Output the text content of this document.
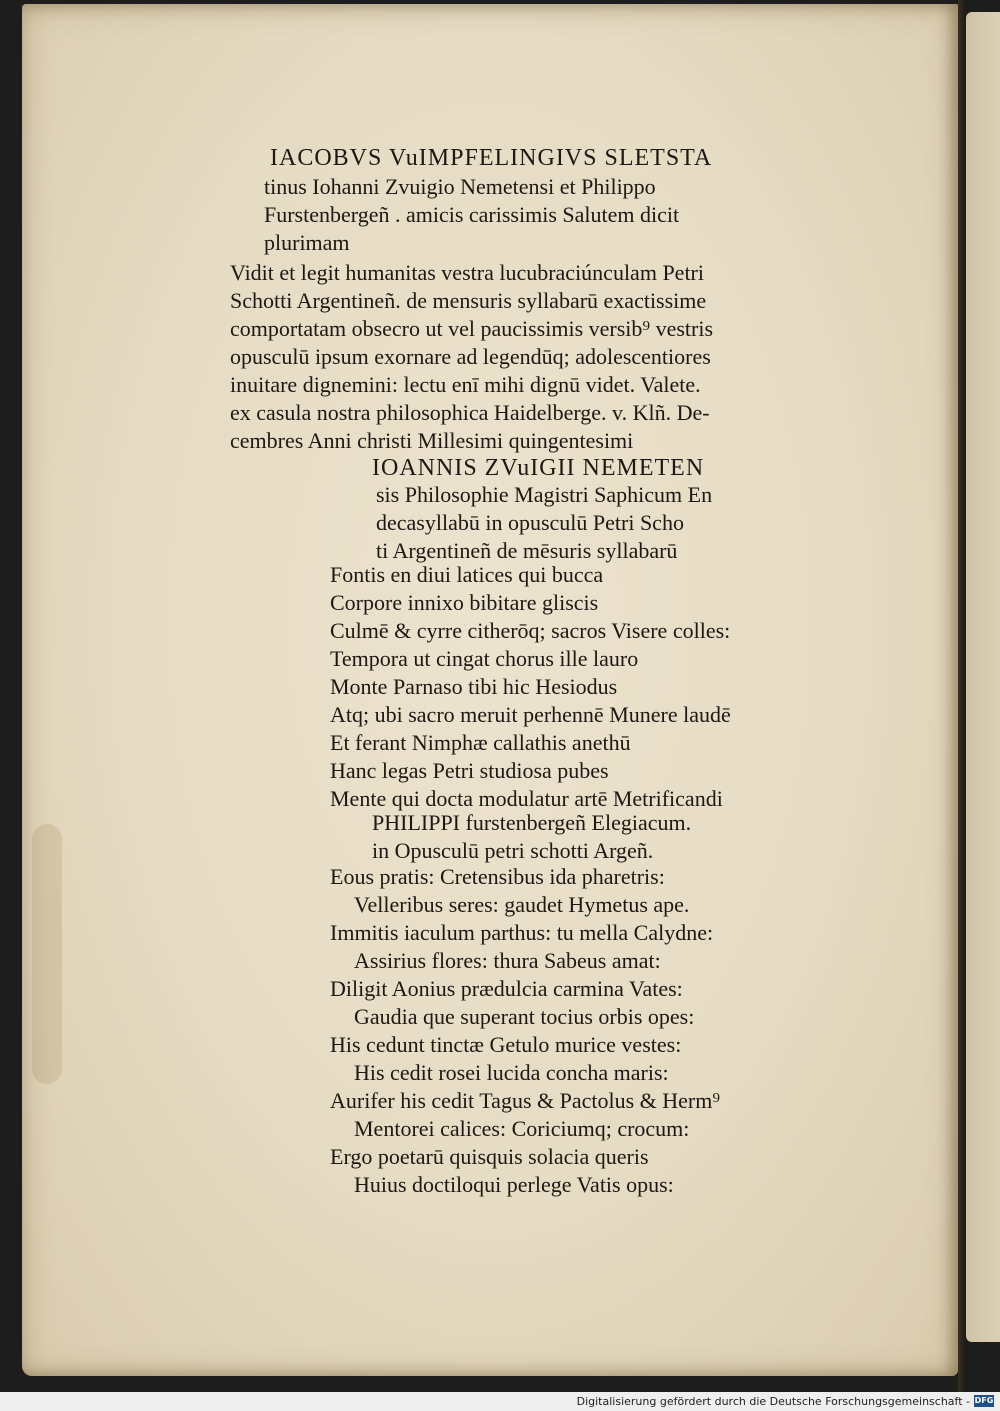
IACOBVS VuIMPFELINGIVS SLETSTA
tinus Iohanni Zvuigio Nemetensi et Philippo
Furstenbergeñ . amicis carissimis Salutem dicit
plurimam
Vidit et legit humanitas vestra lucubraciúnculam Petri
Schotti Argentineñ. de mensuris syllabarū exactissime
comportatam obsecro ut vel paucissimis versib⁹ vestris
opusculū ipsum exornare ad legendūq; adolescentiores
inuitare dignemini: lectu enī mihi dignū videt. Valete.
ex casula nostra philosophica Haidelberge. v. Klñ. De-
cembres Anni christi Millesimi quingentesimi
IOANNIS ZVuIGII NEMETEN
sis Philosophie Magistri Saphicum En
decasyllabū in opusculū Petri Scho
ti Argentineñ de mēsuris syllabarū
Fontis en diui latices qui bucca
Corpore innixo bibitare gliscis
Culmē & cyrre citherōq; sacros Visere colles:
Tempora ut cingat chorus ille lauro
Monte Parnaso tibi hic Hesiodus
Atq; ubi sacro meruit perhennē Munere laudē
Et ferant Nimphæ callathis anethū
Hanc legas Petri studiosa pubes
Mente qui docta modulatur artē Metrificandi
PHILIPPI furstenbergeñ Elegiacum.
in Opusculū petri schotti Argeñ.
Eous pratis: Cretensibus ida pharetris:
Velleribus seres: gaudet Hymetus ape.
Immitis iaculum parthus: tu mella Calydne:
Assirius flores: thura Sabeus amat:
Diligit Aonius prædulcia carmina Vates:
Gaudia que superant tocius orbis opes:
His cedunt tinctæ Getulo murice vestes:
His cedit rosei lucida concha maris:
Aurifer his cedit Tagus & Pactolus & Herm⁹
Mentorei calices: Coriciumq; crocum:
Ergo poetarū quisquis solacia queris
Huius doctiloqui perlege Vatis opus:
Digitalisierung gefördert durch die Deutsche Forschungsgemeinschaft - DFG
